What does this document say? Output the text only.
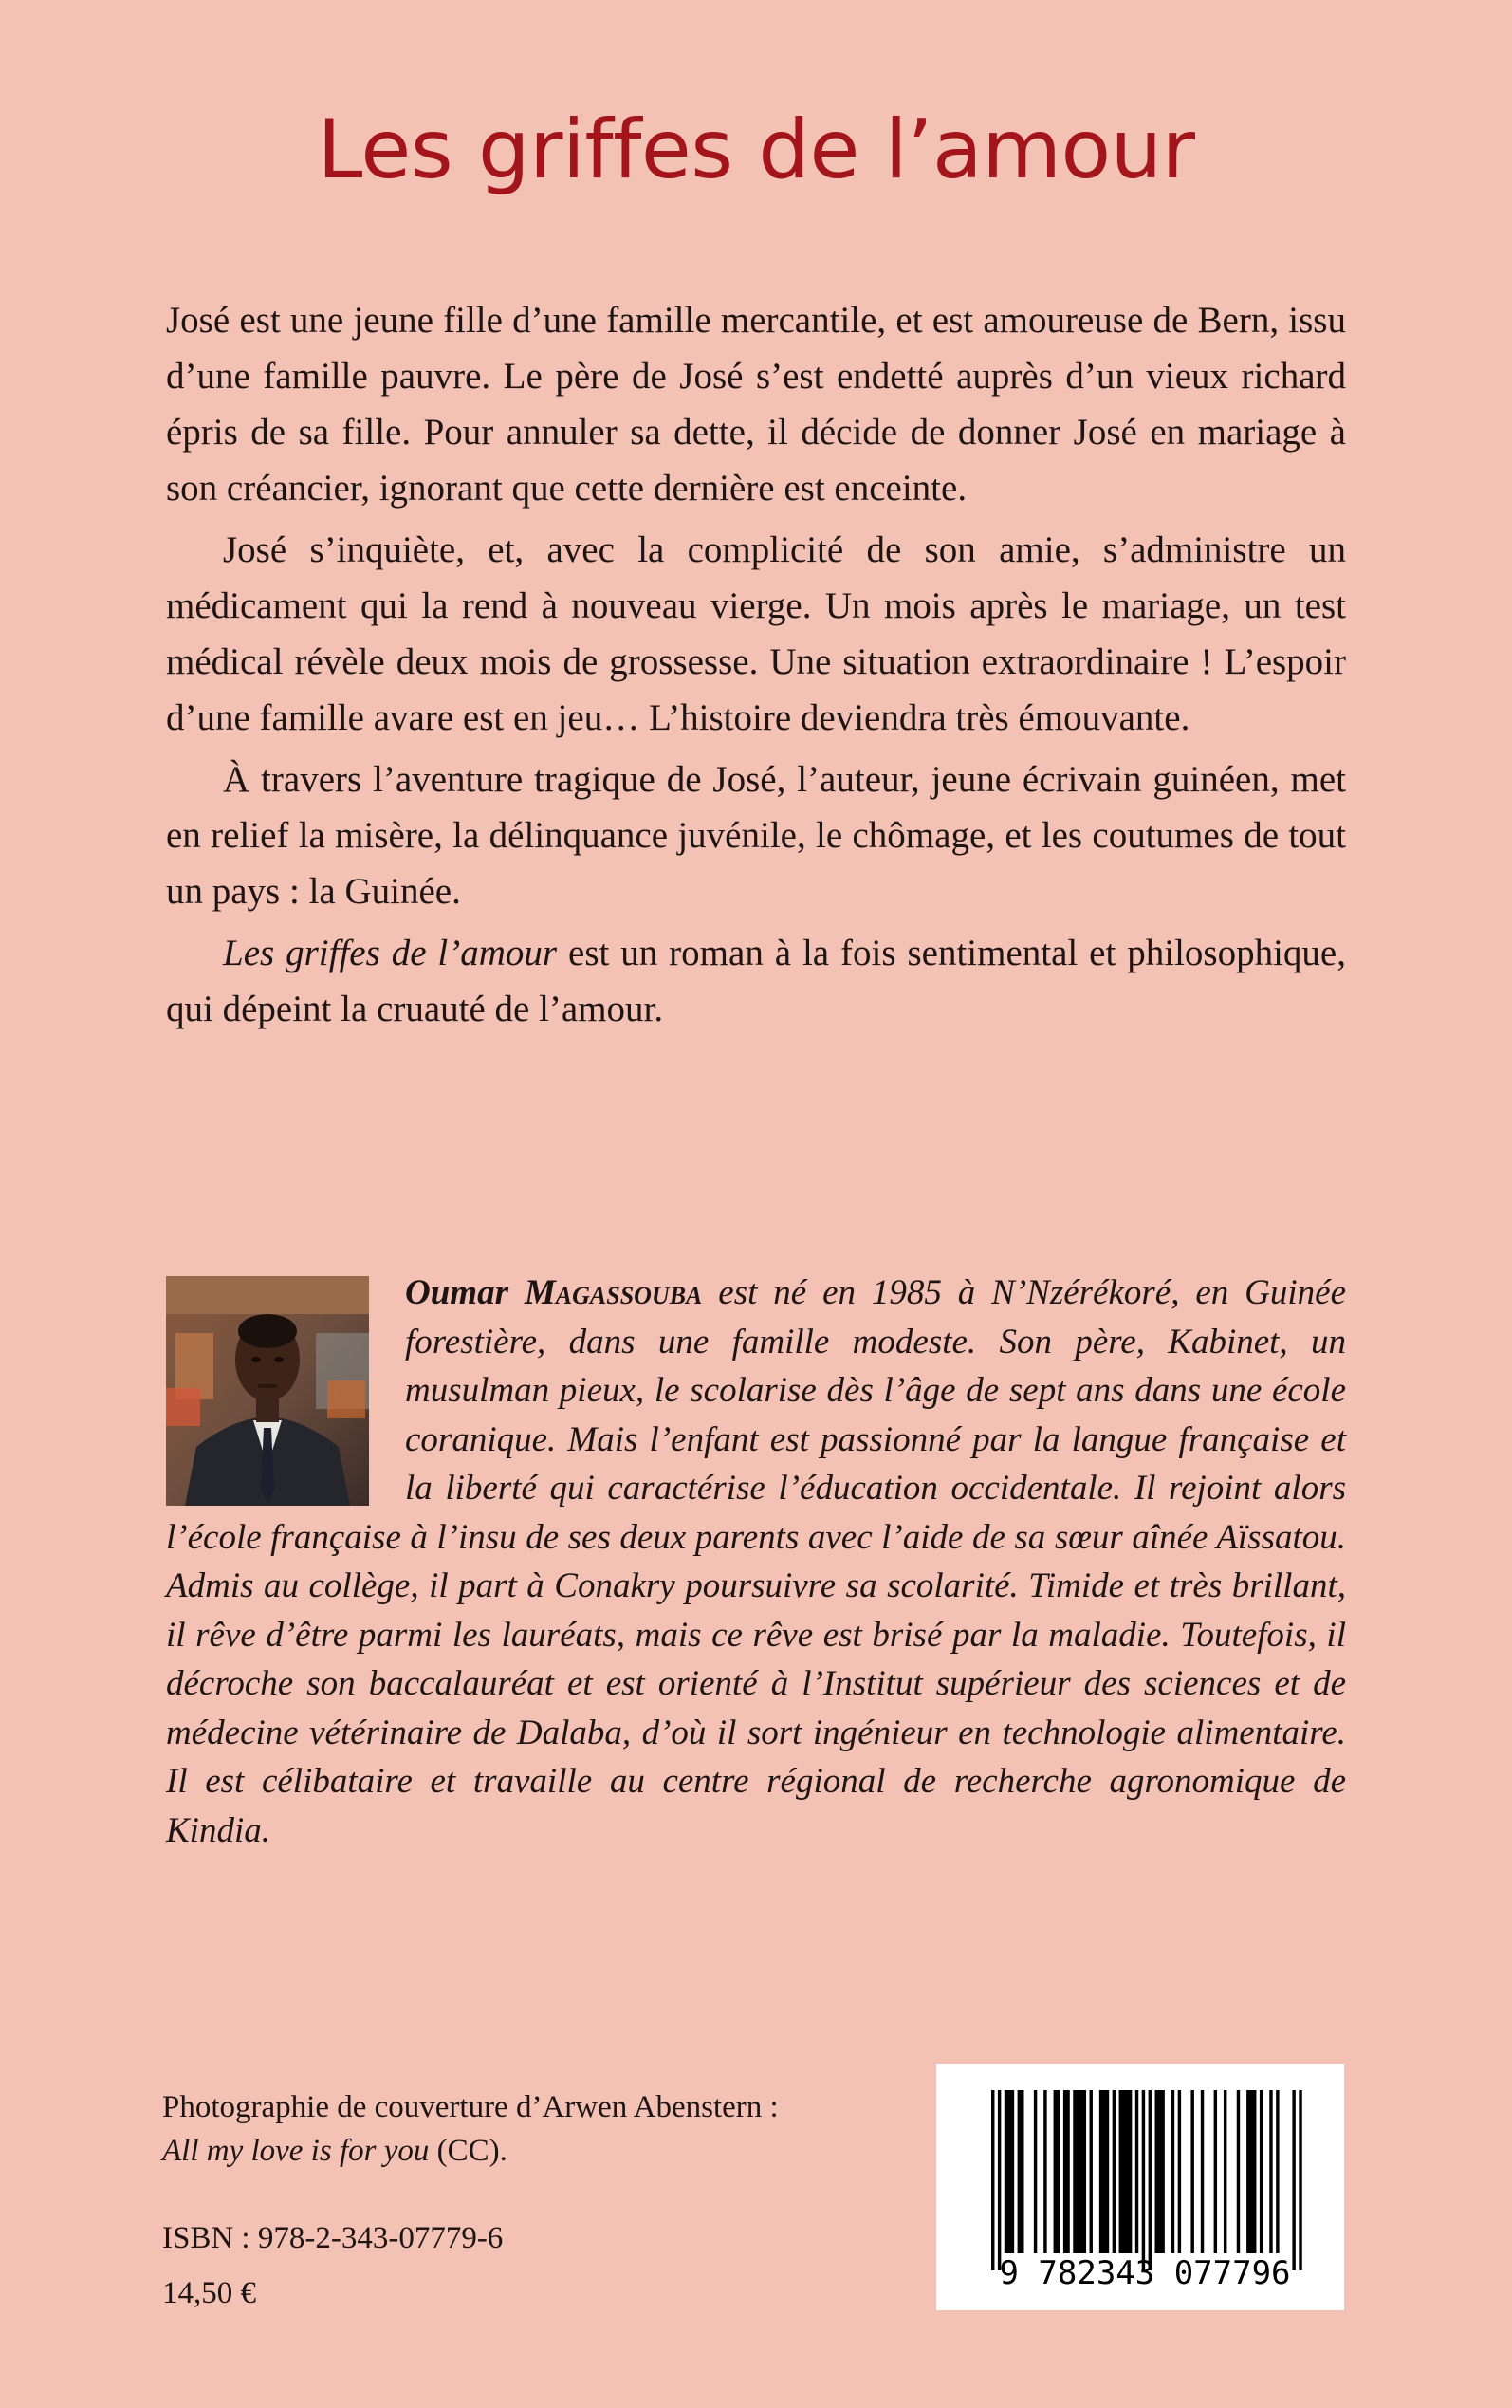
Les griffes de l’amour

José est une jeune fille d’une famille mercantile, et est amoureuse de Bern, issu d’une famille pauvre. Le père de José s’est endetté auprès d’un vieux richard épris de sa fille. Pour annuler sa dette, il décide de donner José en mariage à son créancier, ignorant que cette dernière est enceinte.

José s’inquiète, et, avec la complicité de son amie, s’administre un médicament qui la rend à nouveau vierge. Un mois après le mariage, un test médical révèle deux mois de grossesse. Une situation extraordinaire ! L’espoir d’une famille avare est en jeu… L’histoire deviendra très émouvante.

À travers l’aventure tragique de José, l’auteur, jeune écrivain guinéen, met en relief la misère, la délinquance juvénile, le chômage, et les coutumes de tout un pays : la Guinée.

Les griffes de l’amour est un roman à la fois sentimental et philosophique, qui dépeint la cruauté de l’amour.

Oumar Magassouba est né en 1985 à N’Nzérékoré, en Guinée forestière, dans une famille modeste. Son père, Kabinet, un musulman pieux, le scolarise dès l’âge de sept ans dans une école coranique. Mais l’enfant est passionné par la langue française et la liberté qui caractérise l’éducation occidentale. Il rejoint alors l’école française à l’insu de ses deux parents avec l’aide de sa sœur aînée Aïssatou. Admis au collège, il part à Conakry poursuivre sa scolarité. Timide et très brillant, il rêve d’être parmi les lauréats, mais ce rêve est brisé par la maladie. Toutefois, il décroche son baccalauréat et est orienté à l’Institut supérieur des sciences et de médecine vétérinaire de Dalaba, d’où il sort ingénieur en technologie alimentaire. Il est célibataire et travaille au centre régional de recherche agronomique de Kindia.

Photographie de couverture d’Arwen Abenstern :

All my love is for you (CC).

ISBN : 978-2-343-07779-6

14,50 €

9 782343 077796
